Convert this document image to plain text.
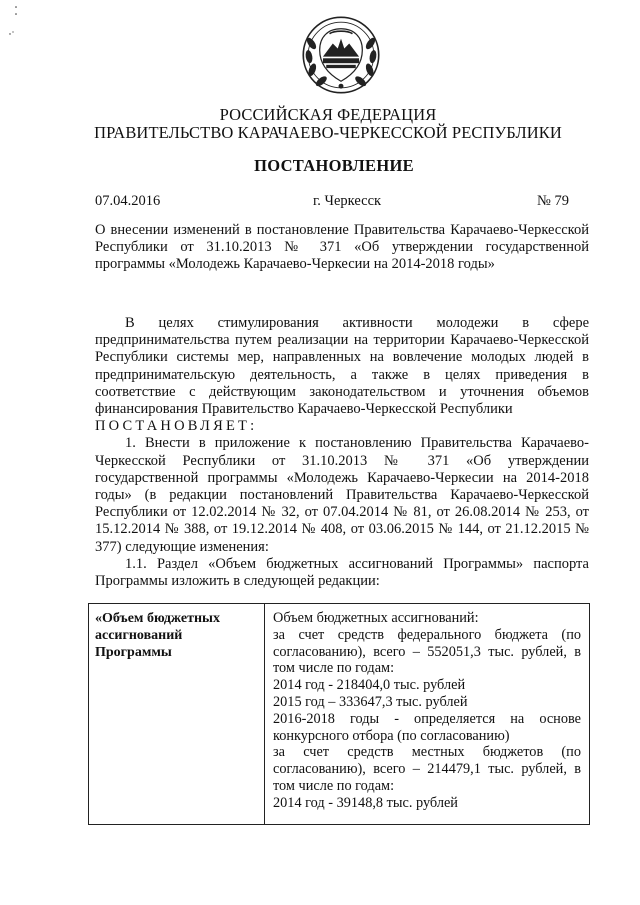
РОССИЙСКАЯ ФЕДЕРАЦИЯ
ПРАВИТЕЛЬСТВО КАРАЧАЕВО-ЧЕРКЕССКОЙ РЕСПУБЛИКИ
ПОСТАНОВЛЕНИЕ
07.04.2016	г. Черкесск	№ 79
О внесении изменений в постановление Правительства Карачаево-Черкесской Республики от 31.10.2013 № 371 «Об утверждении государственной программы «Молодежь Карачаево-Черкесии на 2014-2018 годы»

В целях стимулирования активности молодежи в сфере предпринимательства путем реализации на территории Карачаево-Черкесской Республики системы мер, направленных на вовлечение молодых людей в предпринимательскую деятельность, а также в целях приведения в соответствие с действующим законодательством и уточнения объемов финансирования Правительство Карачаево-Черкесской Республики

ПОСТАНОВЛЯЕТ:

1. Внести в приложение к постановлению Правительства Карачаево-Черкесской Республики от 31.10.2013 № 371 «Об утверждении государственной программы «Молодежь Карачаево-Черкесии на 2014-2018 годы» (в редакции постановлений Правительства Карачаево-Черкесской Республики от 12.02.2014 № 32, от 07.04.2014 № 81, от 26.08.2014 № 253, от 15.12.2014 № 388, от 19.12.2014 № 408, от 03.06.2015 № 144, от 21.12.2015 № 377) следующие изменения:

1.1. Раздел «Объем бюджетных ассигнований Программы» паспорта Программы изложить в следующей редакции:

«Объем бюджетных ассигнований Программы
Объем бюджетных ассигнований:
за счет средств федерального бюджета (по согласованию), всего – 552051,3 тыс. рублей, в том числе по годам:
2014 год - 218404,0 тыс. рублей
2015 год – 333647,3 тыс. рублей
2016-2018 годы - определяется на основе конкурсного отбора (по согласованию)
за счет средств местных бюджетов (по согласованию), всего – 214479,1 тыс. рублей, в том числе по годам:
2014 год - 39148,8 тыс. рублей
